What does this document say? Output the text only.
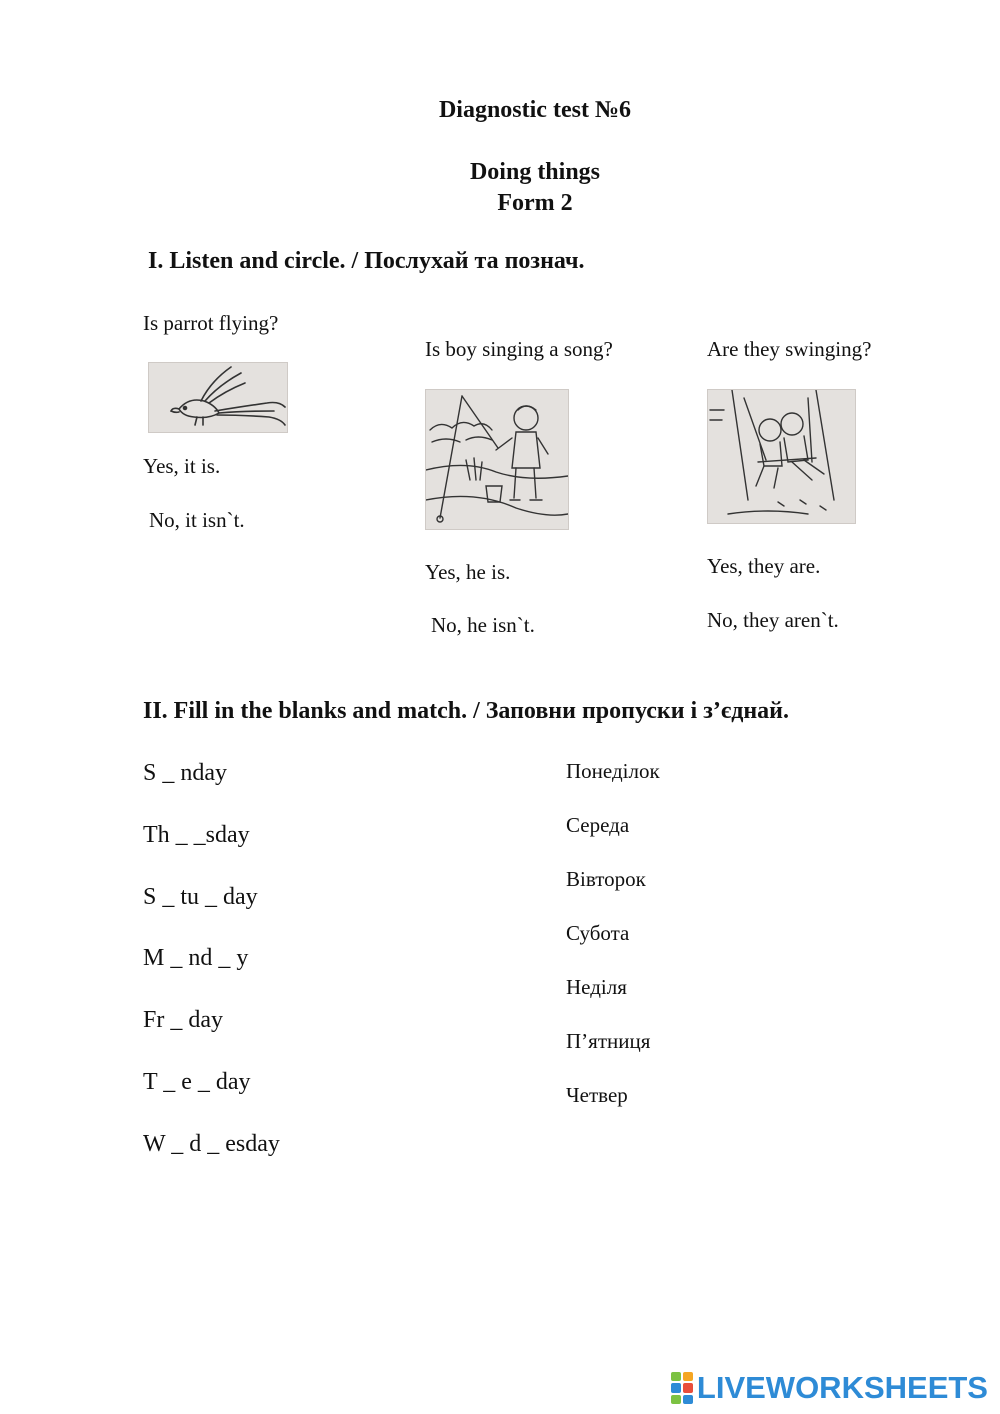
Diagnostic test №6
Doing things
Form 2
I. Listen and circle. / Послухай та познач.
Is parrot flying?
Yes, it is.
No, it isn`t.
Is boy singing a song?
Yes, he is.
No, he isn`t.
Are they swinging?
Yes, they are.
No, they aren`t.
II. Fill in the blanks and match. / Заповни пропуски і з’єднай.
S _ nday
Th _ _sday
S _ tu _ day
M _ nd _ y
Fr _ day
T _ e _ day
W _ d _ esday
Понеділок
Середа
Вівторок
Субота
Неділя
П’ятниця
Четвер
LIVEWORKSHEETS
